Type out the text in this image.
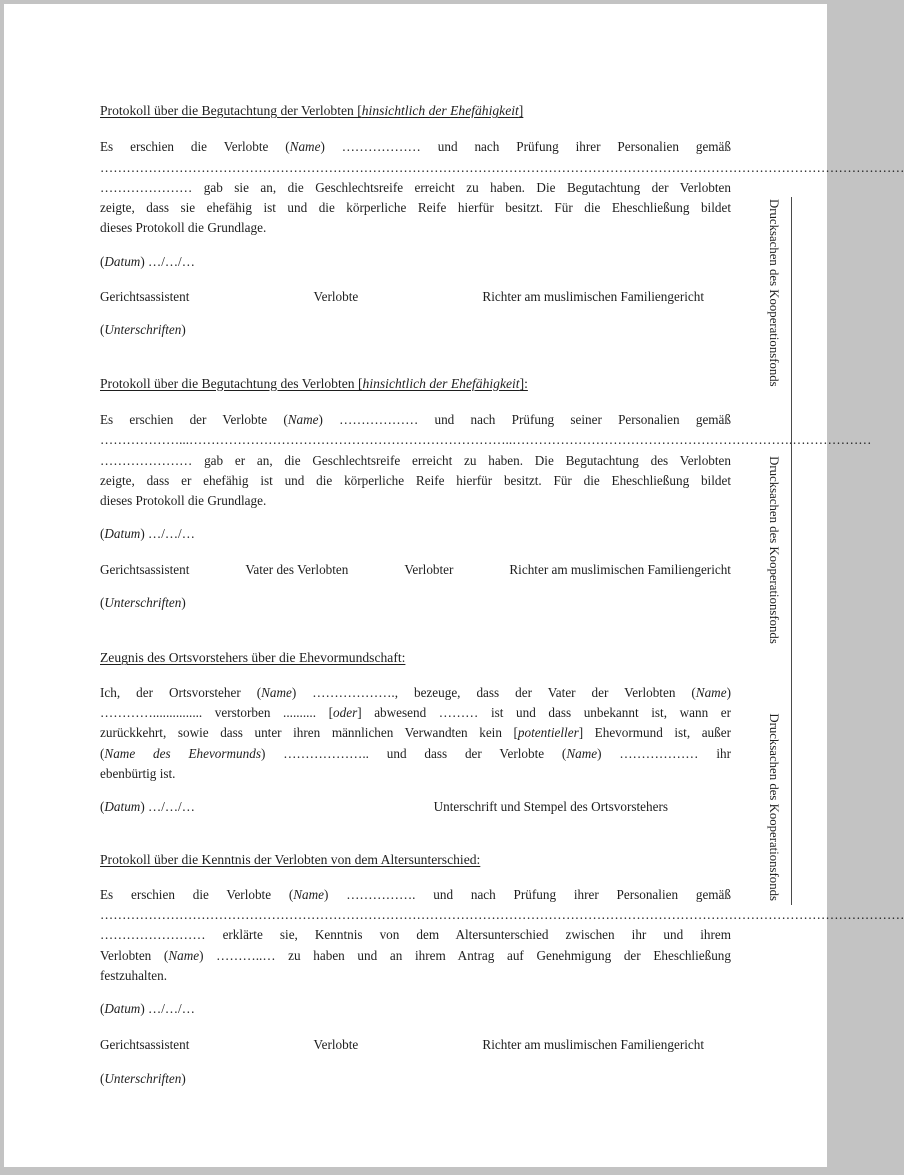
Protokoll über die Begutachtung der Verlobten [hinsichtlich der Ehefähigkeit]
Es erschien die Verlobte (Name) ……………… und nach Prüfung ihrer Personalien gemäß
…………………………………………………………………………………………………………………………………………………………………
………………… gab sie an, die Geschlechtsreife erreicht zu haben. Die Begutachtung der Verlobten
zeigte, dass sie ehefähig ist und die körperliche Reife hierfür besitzt. Für die Eheschließung bildet
dieses Protokoll die Grundlage.
(Datum) …/…/…
Gerichtsassistent	Verlobte	Richter am muslimischen Familiengericht
(Unterschriften)
Protokoll über die Begutachtung des Verlobten [hinsichtlich der Ehefähigkeit]:
Es erschien der Verlobte (Name) ……………… und nach Prüfung seiner Personalien gemäß
………………...………………………………………………………………..……………………………………………………….………………
………………… gab er an, die Geschlechtsreife erreicht zu haben. Die Begutachtung des Verlobten
zeigte, dass er ehefähig ist und die körperliche Reife hierfür besitzt. Für die Eheschließung bildet
dieses Protokoll die Grundlage.
(Datum) …/…/…
Gerichtsassistent	Vater des Verlobten	Verlobter	Richter am muslimischen Familiengericht
(Unterschriften)
Zeugnis des Ortsvorstehers über die Ehevormundschaft:
Ich, der Ortsvorsteher (Name) ………………., bezeuge, dass der Vater der Verlobten (Name)
…………............... verstorben .......... [oder] abwesend ……… ist und dass unbekannt ist, wann er
zurückkehrt, sowie dass unter ihren männlichen Verwandten kein [potentieller] Ehevormund ist, außer
(Name des Ehevormunds) ……………….. und dass der Verlobte (Name) ……………… ihr
ebenbürtig ist.
(Datum) …/…/…	Unterschrift und Stempel des Ortsvorstehers
Protokoll über die Kenntnis der Verlobten von dem Altersunterschied:
Es erschien die Verlobte (Name) ……………. und nach Prüfung ihrer Personalien gemäß
…………………………………………………………………………………………………………………………………………………………………
…………………… erklärte sie, Kenntnis von dem Altersunterschied zwischen ihr und ihrem
Verlobten (Name) ………..… zu haben und an ihrem Antrag auf Genehmigung der Eheschließung
festzuhalten.
(Datum) …/…/…
Gerichtsassistent	Verlobte	Richter am muslimischen Familiengericht
(Unterschriften)
Drucksachen des Kooperationsfonds
Drucksachen des Kooperationsfonds
Drucksachen des Kooperationsfonds
